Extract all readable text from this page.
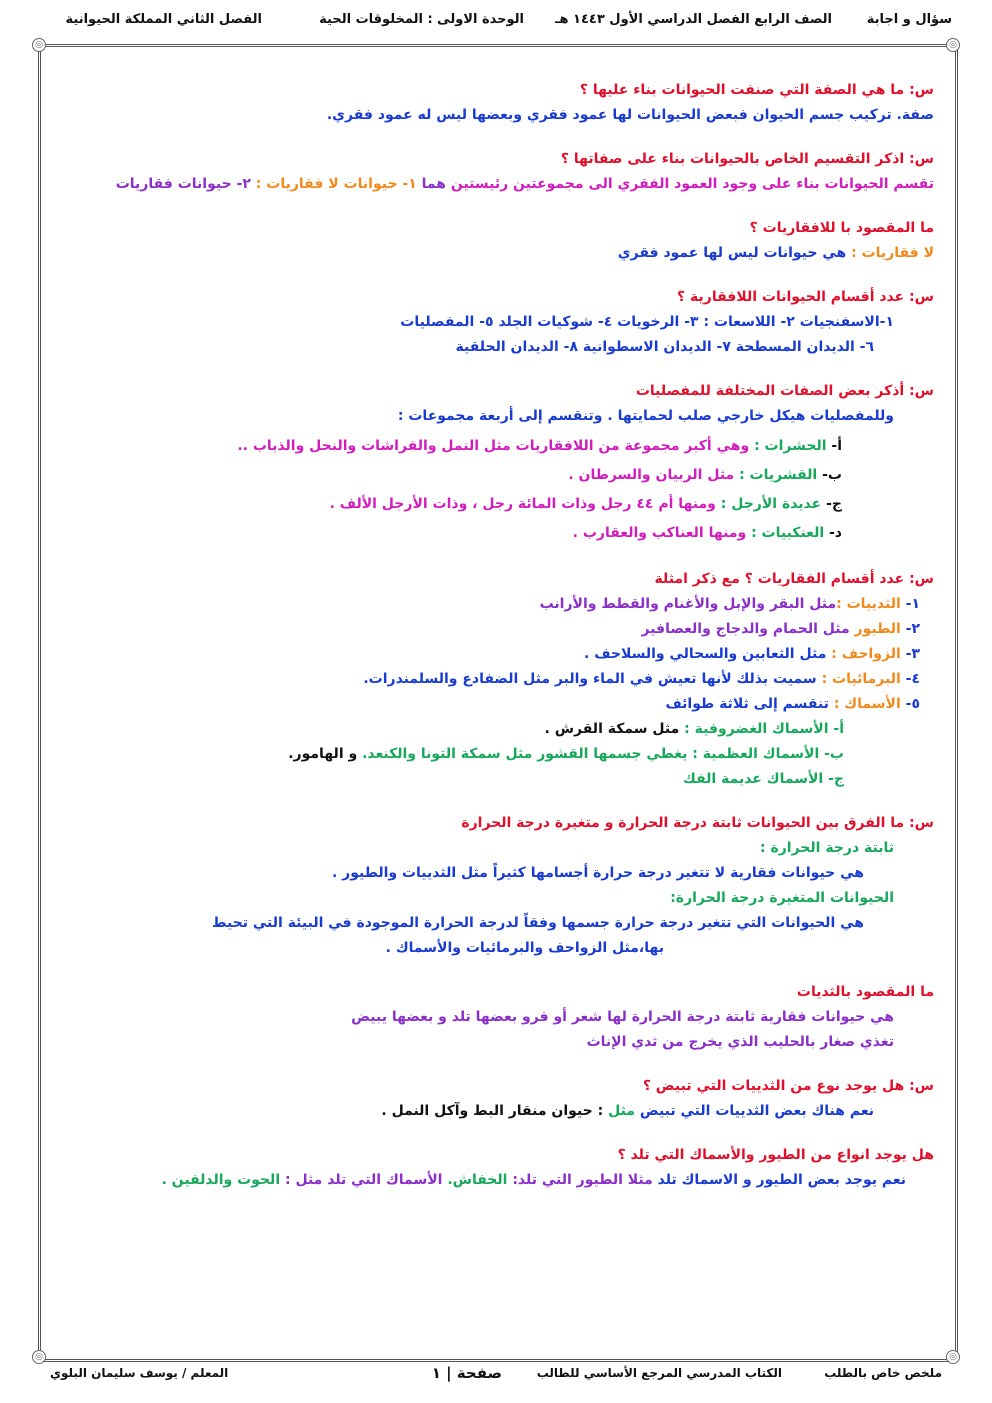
سؤال و اجابة
الصف الرابع الفصل الدراسي الأول ١٤٤٣ هـ
الوحدة الاولى : المخلوقات الحية
الفصل الثاني المملكة الحيوانية
◎	◎
◎	◎
س: ما هي الصفة التي صنفت الحيوانات بناء عليها ؟
صفة. تركيب جسم الحيوان فبعض الحيوانات لها عمود فقري وبعضها ليس له عمود فقري.
س: اذكر التقسيم الخاص بالحيوانات بناء على صفاتها ؟
تقسم الحيوانات بناء على وجود العمود الفقري الى مجموعتين رئيستين هما ١- حيوانات لا فقاريات : ٢- حيوانات فقاريات
ما المقصود با للافقاريات ؟
لا فقاريات : هي حيوانات ليس لها عمود فقري
س: عدد أقسام الحيوانات اللافقارية ؟
١-الاسفنجيات ٢- اللاسعات : ٣- الرخويات ٤- شوكيات الجلد ٥- المفصليات
٦- الديدان المسطحة ٧- الديدان الاسطوانية ٨- الديدان الحلقية
س: أذكر بعض الصفات المختلفة للمفصليات
وللمفصليات هيكل خارجي صلب لحمايتها . وتنقسم إلى أربعة مجموعات :
أ- الحشرات : وهي أكبر مجموعة من اللافقاريات مثل النمل والفراشات والنحل والذباب ..
ب- القشريات : مثل الربيان والسرطان .
ج- عديدة الأرجل : ومنها أم ٤٤ رجل وذات المائة رجل ، وذات الأرجل الألف .
د- العنكبيات : ومنها العناكب والعقارب .
س: عدد أقسام الفقاريات ؟ مع ذكر امثلة
١- الثدييات :مثل البقر والإبل والأغنام والقطط والأرانب
٢- الطيور مثل الحمام والدجاج والعصافير
٣- الزواحف : مثل الثعابين والسحالي والسلاحف .
٤- البرمائيات : سميت بذلك لأنها تعيش في الماء والبر مثل الضفادع والسلمندرات.
٥- الأسماك : تنقسم إلى ثلاثة طوائف
أ- الأسماك الغضروفية : مثل سمكة القرش .
ب- الأسماك العظمية : يغطي جسمها القشور مثل سمكة التونا والكنعد. و الهامور.
ج- الأسماك عديمة الفك
س: ما الفرق بين الحيوانات ثابتة درجة الحرارة و متغيرة درجة الحرارة
ثابتة درجة الحرارة :
هي حيوانات فقارية لا تتغير درجة حرارة أجسامها كثيراً مثل الثدييات والطيور .
الحيوانات المتغيرة درجة الحرارة:
هي الحيوانات التي تتغير درجة حرارة جسمها وفقاً لدرجة الحرارة الموجودة في البيئة التي تحيط
بها،مثل الزواحف والبرمائيات والأسماك .
ما المقصود بالثديات
هي حيوانات فقارية ثابتة درجة الحرارة لها شعر أو فرو بعضها تلد و بعضها يبيض
تغذي صغار بالحليب الذي يخرج من ثدي الإناث
س: هل يوجد نوع من الثدييات التي تبيض ؟
نعم هناك بعض الثدييات التي تبيض مثل : حيوان منقار البط وآكل النمل .
هل يوجد انواع من الطيور والأسماك التي تلد ؟
نعم يوجد بعض الطيور و الاسماك تلد مثلا الطيور التي تلد: الخفاش. الأسماك التي تلد مثل : الحوت والدلفين .
ملخص خاص بالطلب
الكتاب المدرسي المرجع الأساسي للطالب
صفحة | ١
المعلم / يوسف سليمان البلوي
